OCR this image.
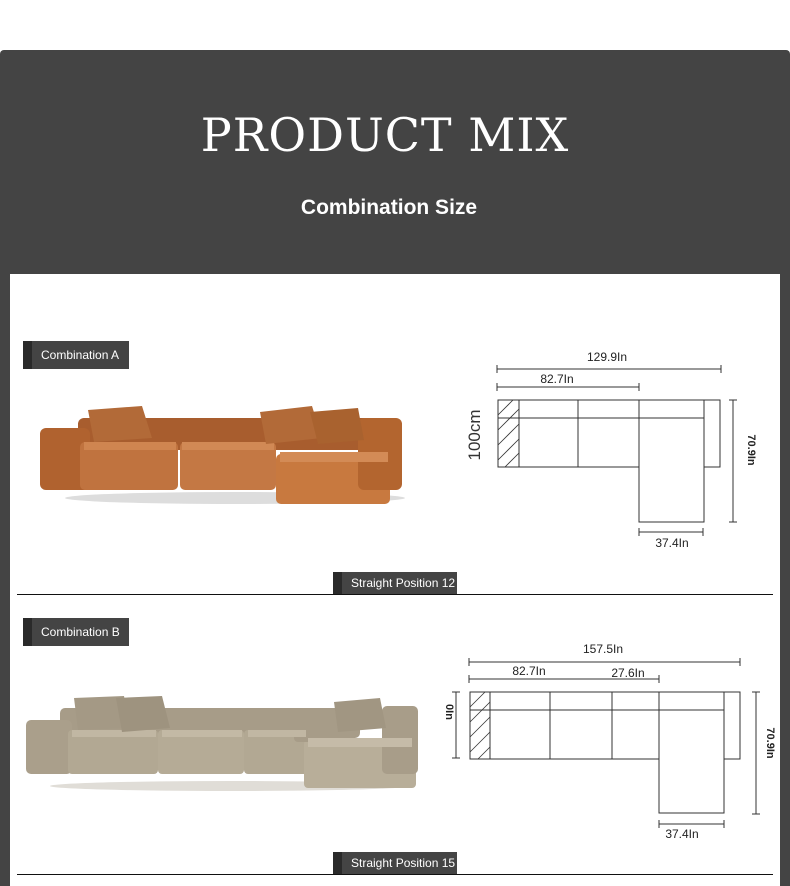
PRODUCT MIX
Combination Size
Combination A	129.9In
82.7In
100cm	70.9In
37.4In
Straight Position 12
Combination B
157.5In
82.7In	27.6In
0In
70.9In
37.4In
Straight Position 15
